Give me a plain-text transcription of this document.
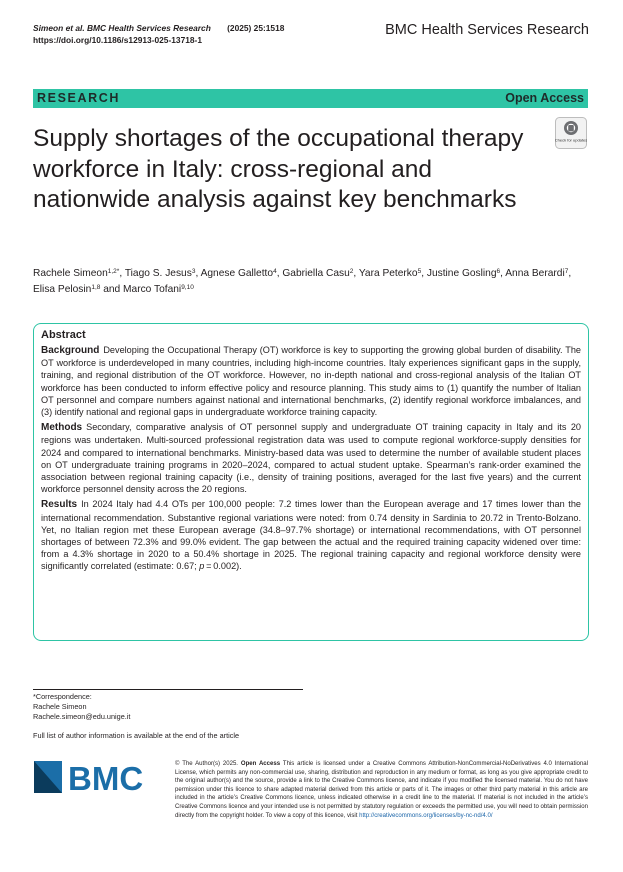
Simeon et al. BMC Health Services Research (2025) 25:1518
https://doi.org/10.1186/s12913-025-13718-1
BMC Health Services Research
RESEARCH	Open Access
Supply shortages of the occupational therapy workforce in Italy: cross-regional and nationwide analysis against key benchmarks
Check for updates
Rachele Simeon$^{1,2*}$, Tiago S. Jesus$^3$, Agnese Galletto$^4$, Gabriella Casu$^2$, Yara Peterko$^5$, Justine Gosling$^6$, Anna Berardi$^7$, Elisa Pelosin$^{1,8}$ and Marco Tofani$^{9,10}$
Abstract

Background Developing the Occupational Therapy (OT) workforce is key to supporting the growing global burden of disability. The OT workforce is underdeveloped in many countries, including high-income countries. Italy experiences significant gaps in the supply, training, and regional distribution of the OT workforce. However, no in-depth national and cross-regional analysis of the Italian OT workforce has been conducted to inform effective policy and resource planning. This study aims to (1) quantify the number of Italian OT personnel and compare numbers against national and international benchmarks, (2) identify regional workforce imbalances, and (3) identify national and regional gaps in undergraduate workforce training capacity.

Methods Secondary, comparative analysis of OT personnel supply and undergraduate OT training capacity in Italy and its 20 regions was undertaken. Multi-sourced professional registration data was used to compute regional workforce-supply densities for 2024 and compared to international benchmarks. Ministry-based data was used to determine the number of available student places on OT undergraduate training programs in 2020–2024, compared to actual student uptake. Spearman’s rank-order examined the association between regional training capacity (i.e., density of training positions, averaged for the last five years) and the current workforce personnel density across the 20 regions.

Results In 2024 Italy had 4.4 OTs per 100,000 people: 7.2 times lower than the European average and 17 times lower than the international recommendation. Substantive regional variations were noted: from 0.74 density in Sardinia to 20.72 in Trento-Bolzano. Yet, no Italian region met these European average (34.8–97.7% shortage) or international recommendations, with OT personnel shortages of between 72.3% and 99.0% evident. The gap between the actual and the required training capacity widened over time: from a 4.3% shortage in 2020 to a 50.4% shortage in 2025. The regional training capacity and regional workforce density were significantly correlated (estimate: 0.67; p = 0.002).

*Correspondence:
Rachele Simeon
Rachele.simeon@edu.unige.it
Full list of author information is available at the end of the article
BMC	© The Author(s) 2025. Open Access This article is licensed under a Creative Commons Attribution-NonCommercial-NoDerivatives 4.0 International License, which permits any non-commercial use, sharing, distribution and reproduction in any medium or format, as long as you give appropriate credit to the original author(s) and the source, provide a link to the Creative Commons licence, and indicate if you modified the licensed material. You do not have permission under this licence to share adapted material derived from this article or parts of it. The images or other third party material in this article are included in the article’s Creative Commons licence, unless indicated otherwise in a credit line to the material. If material is not included in the article’s Creative Commons licence and your intended use is not permitted by statutory regulation or exceeds the permitted use, you will need to obtain permission directly from the copyright holder. To view a copy of this licence, visit http://creativecommons.org/licenses/by-nc-nd/4.0/
